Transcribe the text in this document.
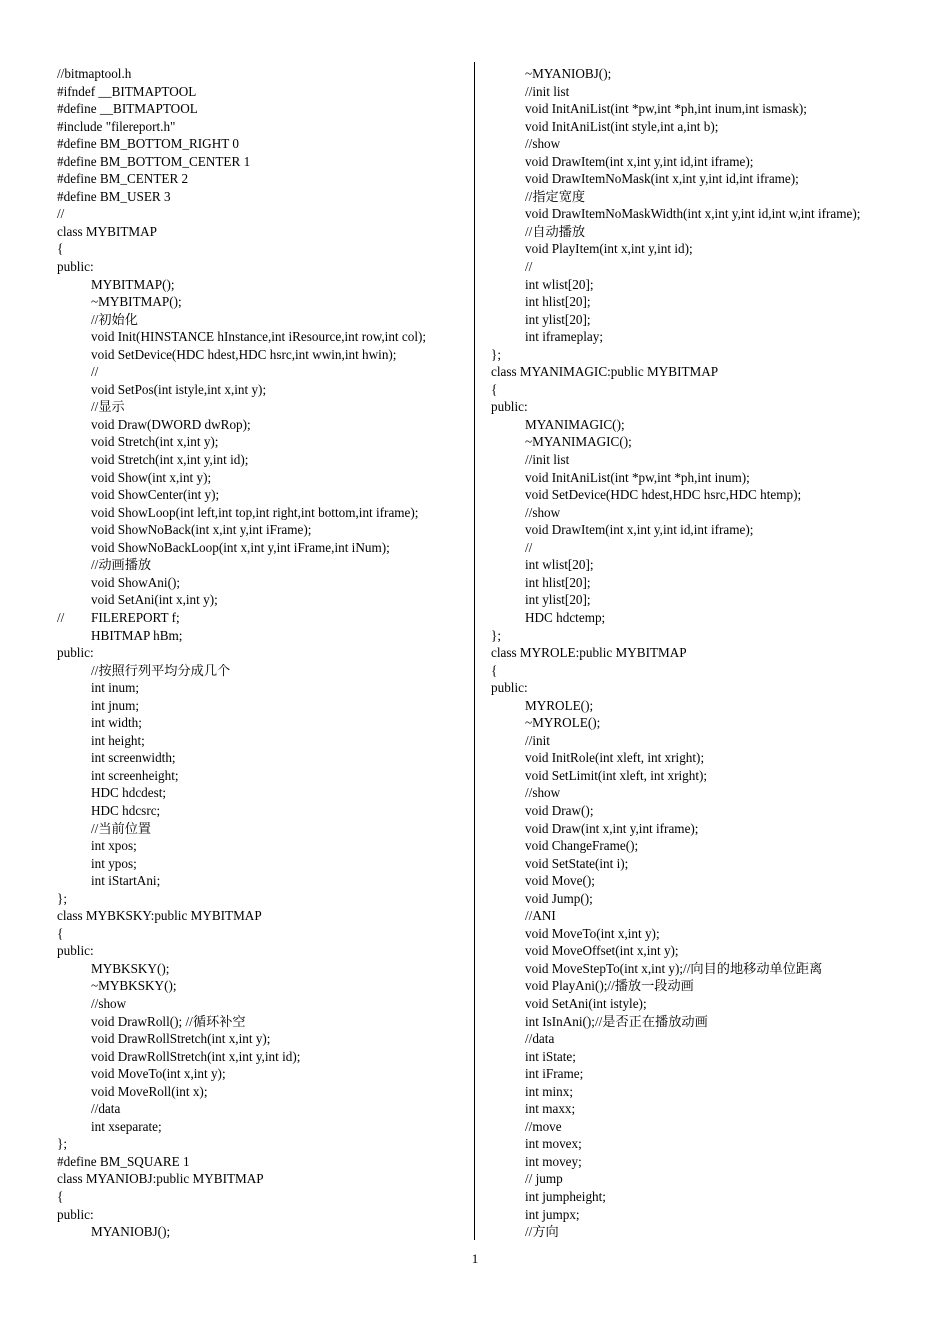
//bitmaptool.h
#ifndef __BITMAPTOOL
#define __BITMAPTOOL
#include "filereport.h"
#define BM_BOTTOM_RIGHT 0
#define BM_BOTTOM_CENTER 1
#define BM_CENTER 2
#define BM_USER 3
//
class MYBITMAP
{
public:
MYBITMAP();
~MYBITMAP();
//初始化
void Init(HINSTANCE hInstance,int iResource,int row,int col);
void SetDevice(HDC hdest,HDC hsrc,int wwin,int hwin);
//
void SetPos(int istyle,int x,int y);
//显示
void Draw(DWORD dwRop);
void Stretch(int x,int y);
void Stretch(int x,int y,int id);
void Show(int x,int y);
void ShowCenter(int y);
void ShowLoop(int left,int top,int right,int bottom,int iframe);
void ShowNoBack(int x,int y,int iFrame);
void ShowNoBackLoop(int x,int y,int iFrame,int iNum);
//动画播放
void ShowAni();
void SetAni(int x,int y);
// FILEREPORT f;
HBITMAP hBm;
public:
//按照行列平均分成几个
int inum;
int jnum;
int width;
int height;
int screenwidth;
int screenheight;
HDC hdcdest;
HDC hdcsrc;
//当前位置
int xpos;
int ypos;
int iStartAni;
};
class MYBKSKY:public MYBITMAP
{
public:
MYBKSKY();
~MYBKSKY();
//show
void DrawRoll(); //循环补空
void DrawRollStretch(int x,int y);
void DrawRollStretch(int x,int y,int id);
void MoveTo(int x,int y);
void MoveRoll(int x);
//data
int xseparate;
};
#define BM_SQUARE 1
class MYANIOBJ:public MYBITMAP
{
public:
MYANIOBJ();
~MYANIOBJ();
//init list
void InitAniList(int *pw,int *ph,int inum,int ismask);
void InitAniList(int style,int a,int b);
//show
void DrawItem(int x,int y,int id,int iframe);
void DrawItemNoMask(int x,int y,int id,int iframe);
//指定宽度
void DrawItemNoMaskWidth(int x,int y,int id,int w,int iframe);
//自动播放
void PlayItem(int x,int y,int id);
//
int wlist[20];
int hlist[20];
int ylist[20];
int iframeplay;
};
class MYANIMAGIC:public MYBITMAP
{
public:
MYANIMAGIC();
~MYANIMAGIC();
//init list
void InitAniList(int *pw,int *ph,int inum);
void SetDevice(HDC hdest,HDC hsrc,HDC htemp);
//show
void DrawItem(int x,int y,int id,int iframe);
//
int wlist[20];
int hlist[20];
int ylist[20];
HDC hdctemp;
};
class MYROLE:public MYBITMAP
{
public:
MYROLE();
~MYROLE();
//init
void InitRole(int xleft, int xright);
void SetLimit(int xleft, int xright);
//show
void Draw();
void Draw(int x,int y,int iframe);
void ChangeFrame();
void SetState(int i);
void Move();
void Jump();
//ANI
void MoveTo(int x,int y);
void MoveOffset(int x,int y);
void MoveStepTo(int x,int y);//向目的地移动单位距离
void PlayAni();//播放一段动画
void SetAni(int istyle);
int IsInAni();//是否正在播放动画
//data
int iState;
int iFrame;
int minx;
int maxx;
//move
int movex;
int movey;
// jump
int jumpheight;
int jumpx;
//方向
1
